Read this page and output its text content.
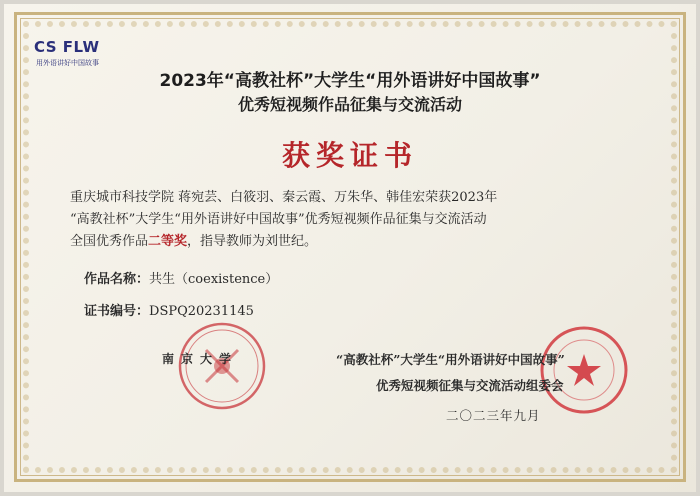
CS FLW
用外语讲好中国故事
2023年“高教社杯”大学生“用外语讲好中国故事”
优秀短视频作品征集与交流活动
获奖证书
重庆城市科技学院 蒋宛芸、白筱羽、秦云霞、万朱华、韩佳宏荣获2023年
“高教社杯”大学生“用外语讲好中国故事”优秀短视频作品征集与交流活动
全国优秀作品二等奖，指导教师为刘世纪。
作品名称：共生（coexistence）
证书编号：DSPQ20231145
南京大学	“高教社杯”大学生“用外语讲好中国故事”
优秀短视频征集与交流活动组委会
二〇二三年九月
